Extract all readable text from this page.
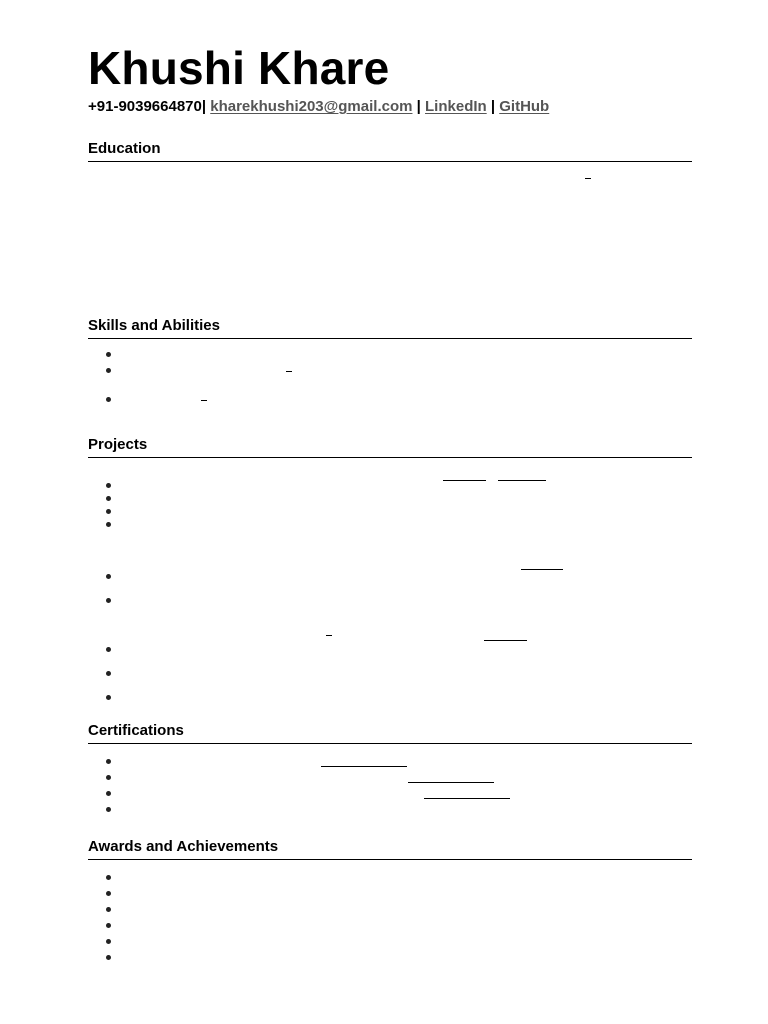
Khushi Khare
+91-9039664870| kharekhushi203@gmail.com | LinkedIn | GitHub
Education
Skills and Abilities
Projects
Certifications
Awards and Achievements
